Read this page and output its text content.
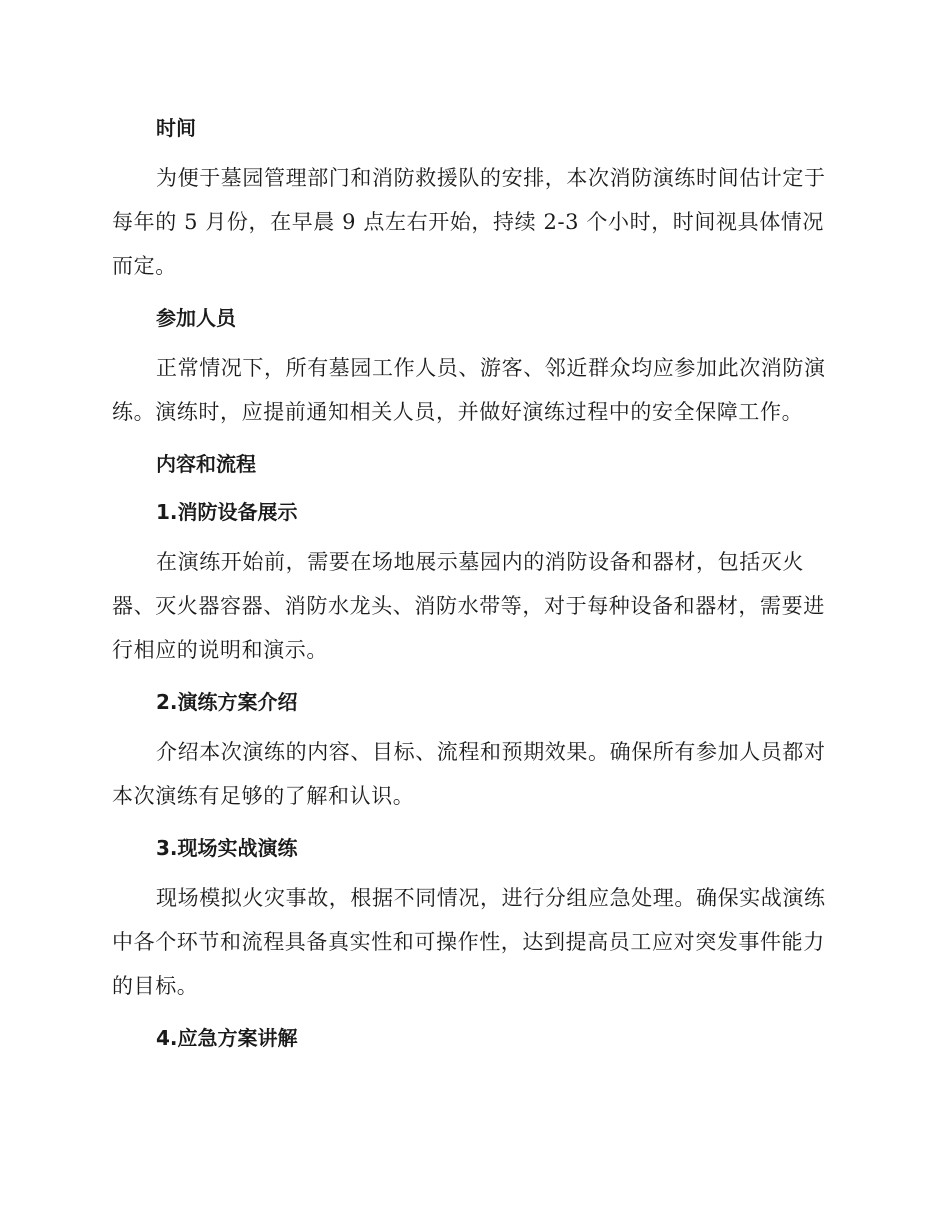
时间

为便于墓园管理部门和消防救援队的安排，本次消防演练时间估计定于每年的 5 月份，在早晨 9 点左右开始，持续 2-3 个小时，时间视具体情况而定。

参加人员

正常情况下，所有墓园工作人员、游客、邻近群众均应参加此次消防演练。演练时，应提前通知相关人员，并做好演练过程中的安全保障工作。

内容和流程
1.消防设备展示

在演练开始前，需要在场地展示墓园内的消防设备和器材，包括灭火器、灭火器容器、消防水龙头、消防水带等，对于每种设备和器材，需要进行相应的说明和演示。

2.演练方案介绍

介绍本次演练的内容、目标、流程和预期效果。确保所有参加人员都对本次演练有足够的了解和认识。

3.现场实战演练

现场模拟火灾事故，根据不同情况，进行分组应急处理。确保实战演练中各个环节和流程具备真实性和可操作性，达到提高员工应对突发事件能力的目标。

4.应急方案讲解
